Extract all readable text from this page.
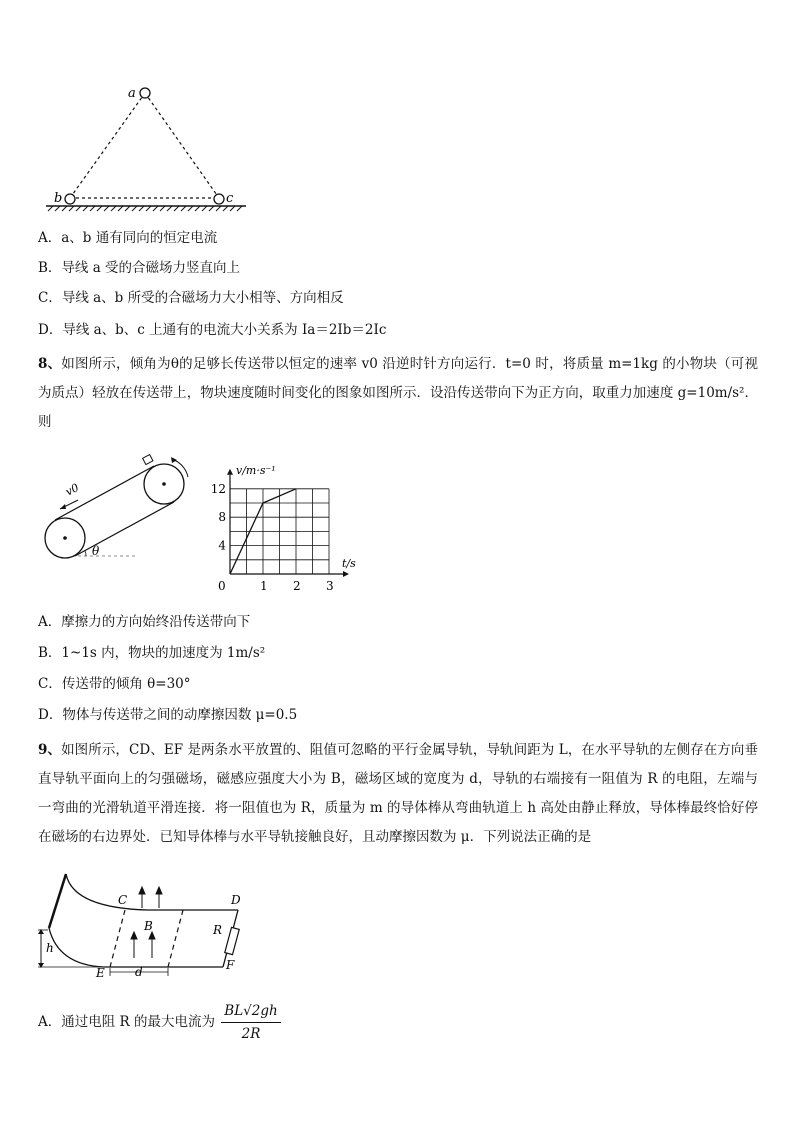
a
b	c
A．a、b 通有同向的恒定电流
B．导线 a 受的合磁场力竖直向上
C．导线 a、b 所受的合磁场力大小相等、方向相反
D．导线 a、b、c 上通有的电流大小关系为 Ia＝2Ib＝2Ic
8、如图所示，倾角为θ的足够长传送带以恒定的速率 v0 沿逆时针方向运行．t=0 时，将质量 m=1kg 的小物块（可视为质点）轻放在传送带上，物块速度随时间变化的图象如图所示．设沿传送带向下为正方向，取重力加速度 g=10m/s²．则
v0
θ
0	1 2 3
4
8
12
v/m·s⁻¹
t/s
A．摩擦力的方向始终沿传送带向下
B．1~1s 内，物块的加速度为 1m/s²
C．传送带的倾角 θ=30°
D．物体与传送带之间的动摩擦因数 μ=0.5
9、如图所示，CD、EF 是两条水平放置的、阻值可忽略的平行金属导轨，导轨间距为 L，在水平导轨的左侧存在方向垂直导轨平面向上的匀强磁场，磁感应强度大小为 B，磁场区域的宽度为 d，导轨的右端接有一阻值为 R 的电阻，左端与一弯曲的光滑轨道平滑连接．将一阻值也为 R，质量为 m 的导体棒从弯曲轨道上 h 高处由静止释放，导体棒最终恰好停在磁场的右边界处．已知导体棒与水平导轨接触良好，且动摩擦因数为 μ．下列说法正确的是
C	D
E
F
B	R
h
d
A．通过电阻 R 的最大电流为 $\frac{BL√2gh}{2R}$
